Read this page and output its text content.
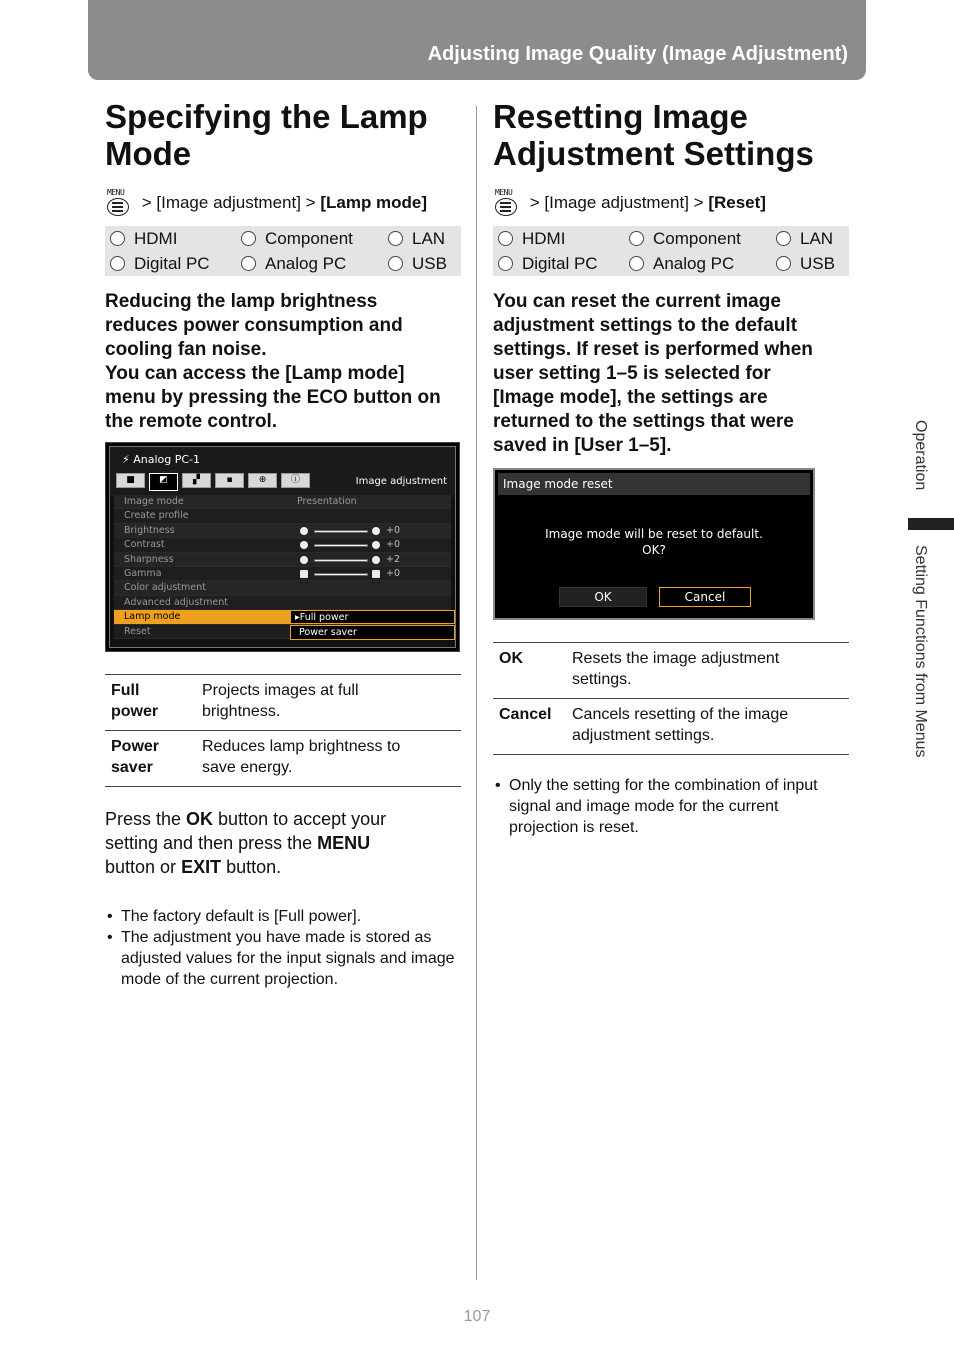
Adjusting Image Quality (Image Adjustment)
Specifying the Lamp
Mode
MENU
> [Image adjustment] > [Lamp mode]
HDMI	Component	LAN
Digital PC	Analog PC	USB

Reducing the lamp brightness
reduces power consumption and
cooling fan noise.
You can access the [Lamp mode]
menu by pressing the ECO button on
the remote control.

⚡ Analog PC-1
■	◩	▞	▪	⊕	ⓘ	Image adjustment
Image mode	Presentation
Create profile
Brightness	+0
Contrast	+0
Sharpness	+2
Gamma	+0
Color adjustment
Advanced adjustment
Lamp mode	▸Full power
Reset	Power saver
Full
power	Projects images at full
brightness.
Power
saver	Reduces lamp brightness to
save energy.

Press the OK button to accept your
setting and then press the MENU
button or EXIT button.

• The factory default is [Full power].
• The adjustment you have made is stored as adjusted values for the input signals and image mode of the current projection.
Resetting Image
Adjustment Settings
MENU
> [Image adjustment] > [Reset]
HDMI	Component	LAN
Digital PC	Analog PC	USB

You can reset the current image
adjustment settings to the default
settings. If reset is performed when
user setting 1–5 is selected for
[Image mode], the settings are
returned to the settings that were
saved in [User 1–5].

Image mode reset
Image mode will be reset to default.
OK?
OK	Cancel
OK	Resets the image adjustment
settings.
Cancel	Cancels resetting of the image
adjustment settings.
• Only the setting for the combination of input signal and image mode for the current projection is reset.
Operation
Setting Functions from Menus
107
